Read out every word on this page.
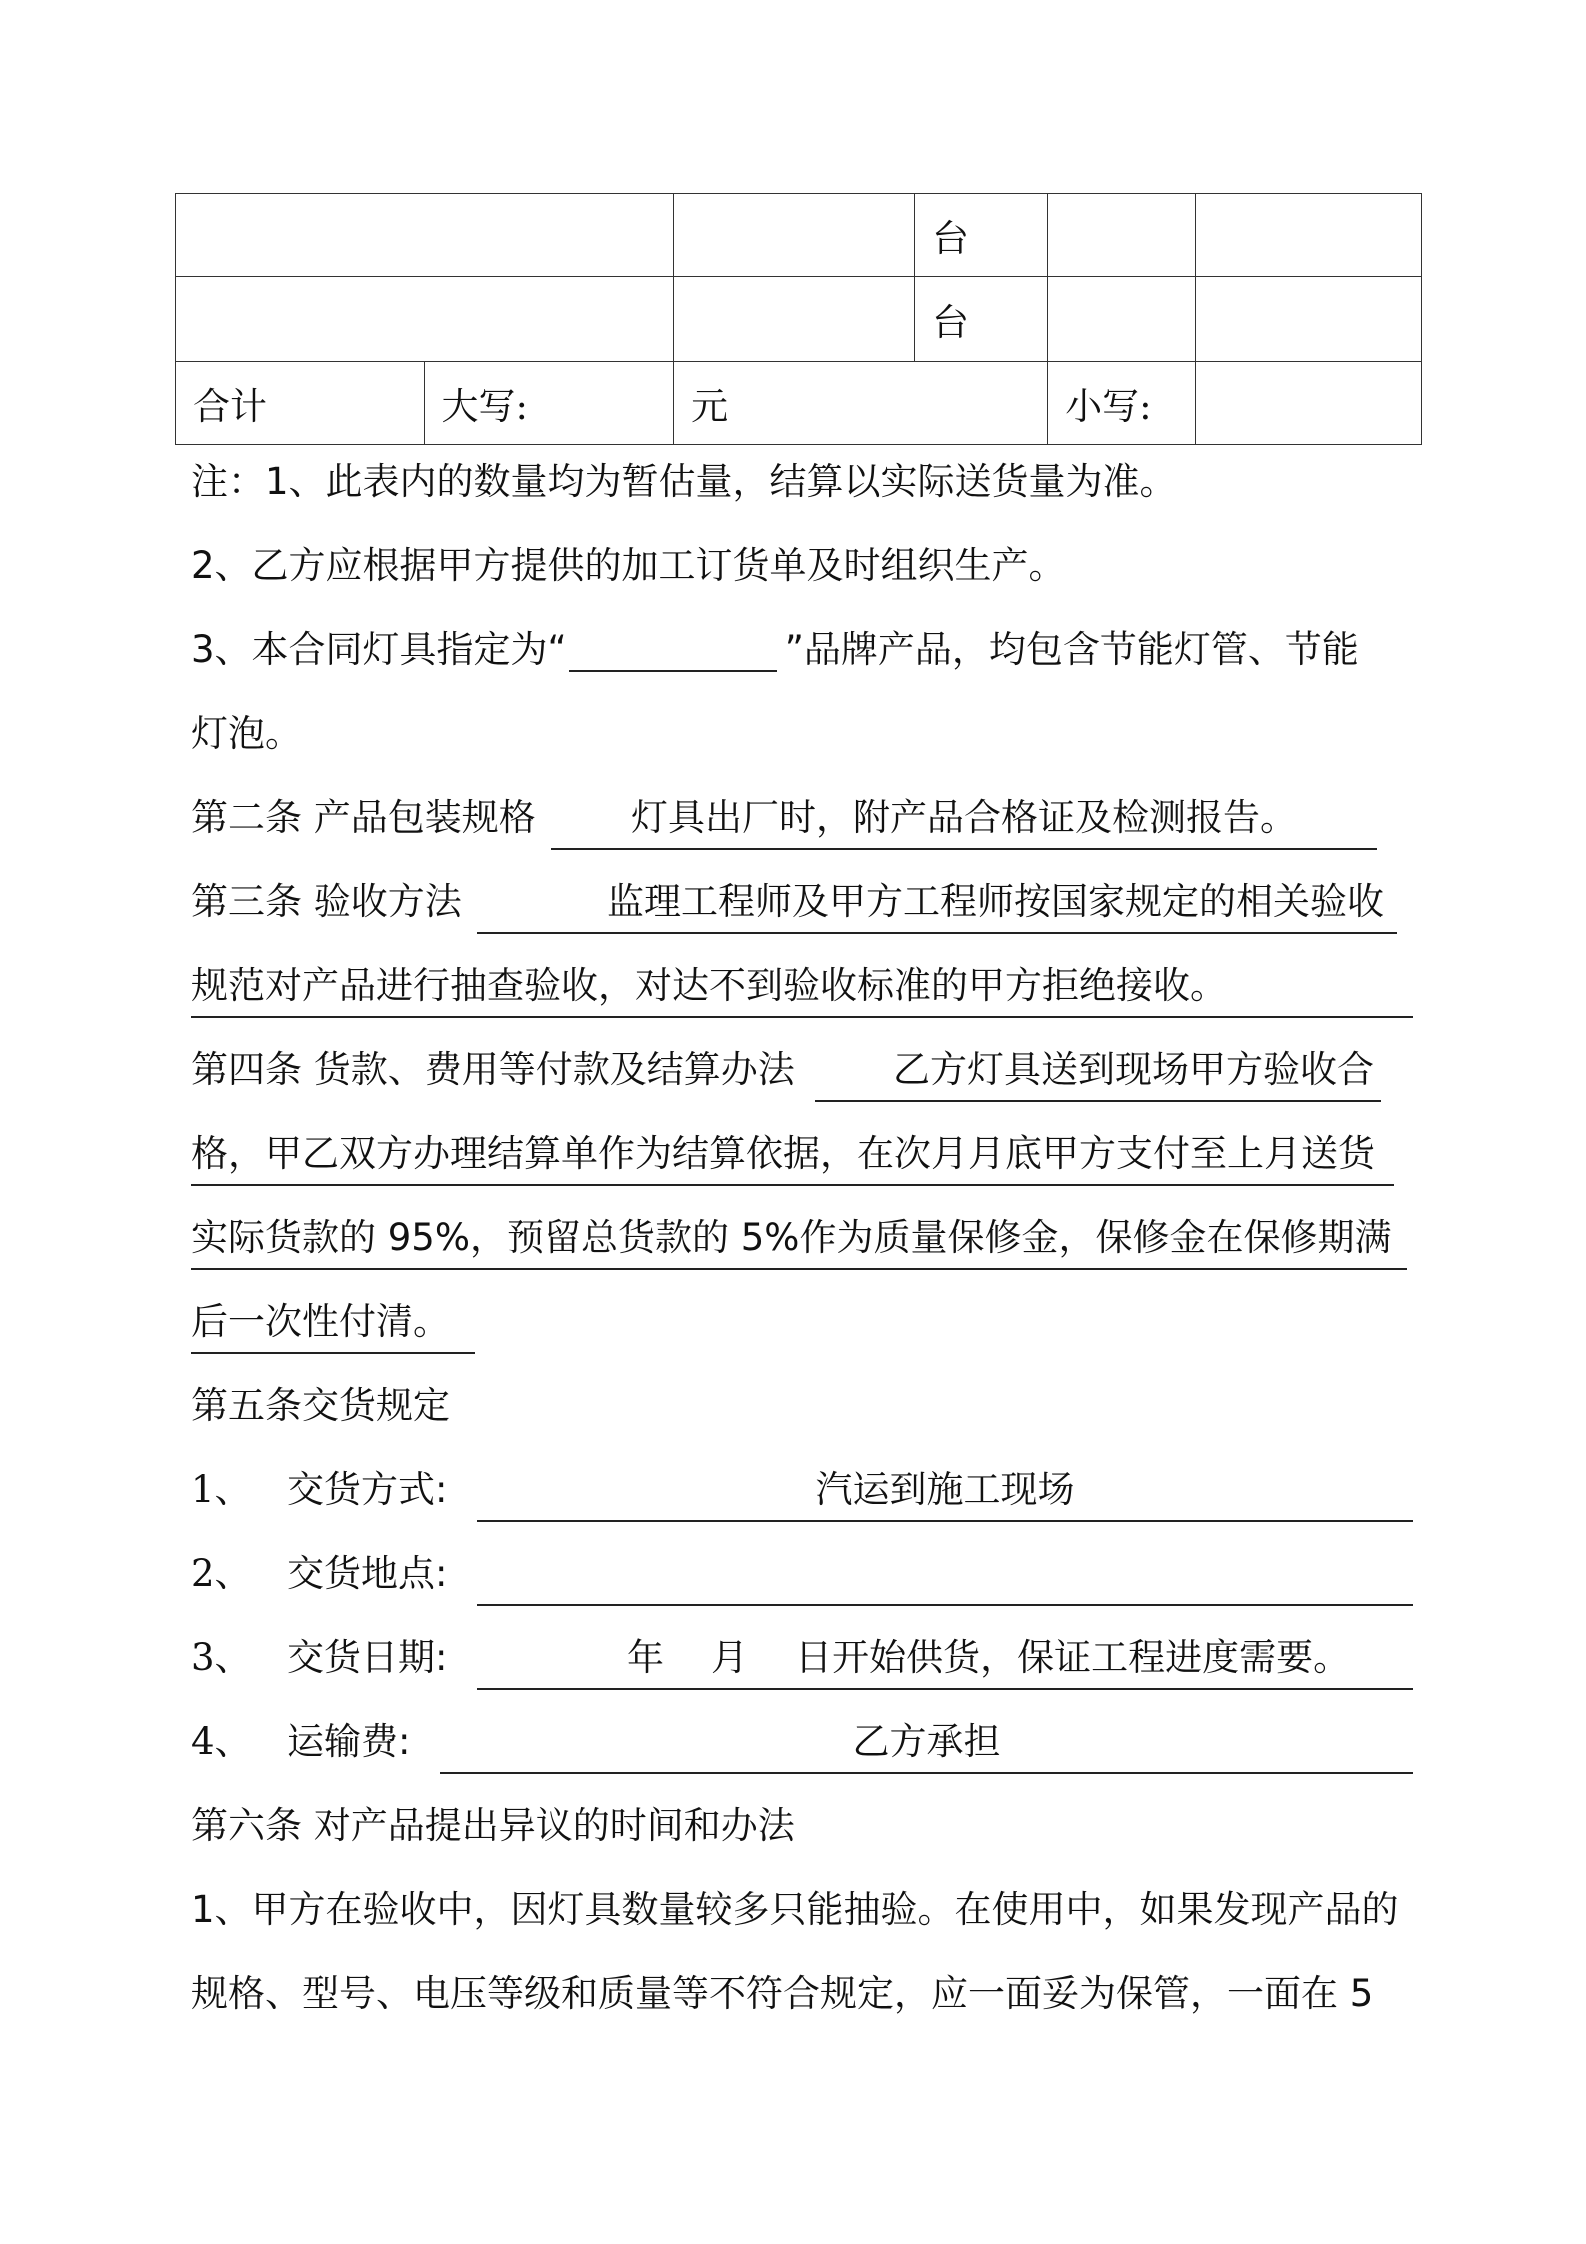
			台		
			台		
合计	大写:	元		小写:	
注：1、此表内的数量均为暂估量，结算以实际送货量为准。
2、乙方应根据甲方提供的加工订货单及时组织生产。
3、本合同灯具指定为“	”品牌产品，均包含节能灯管、节能
灯泡。
第二条 产品包装规格	灯具出厂时，附产品合格证及检测报告。
第三条 验收方法	监理工程师及甲方工程师按国家规定的相关验收
规范对产品进行抽查验收，对达不到验收标准的甲方拒绝接收。
第四条 货款、费用等付款及结算办法	乙方灯具送到现场甲方验收合
格，甲乙双方办理结算单作为结算依据，在次月月底甲方支付至上月送货
实际货款的 95%，预留总货款的 5%作为质量保修金，保修金在保修期满
后一次性付清。
第五条交货规定
1、 交货方式:	汽运到施工现场
2、 交货地点:
3、 交货日期:	年    月    日开始供货，保证工程进度需要。
4、 运输费:	乙方承担
第六条 对产品提出异议的时间和办法
1、甲方在验收中，因灯具数量较多只能抽验。在使用中，如果发现产品的
规格、型号、电压等级和质量等不符合规定，应一面妥为保管，一面在 5
